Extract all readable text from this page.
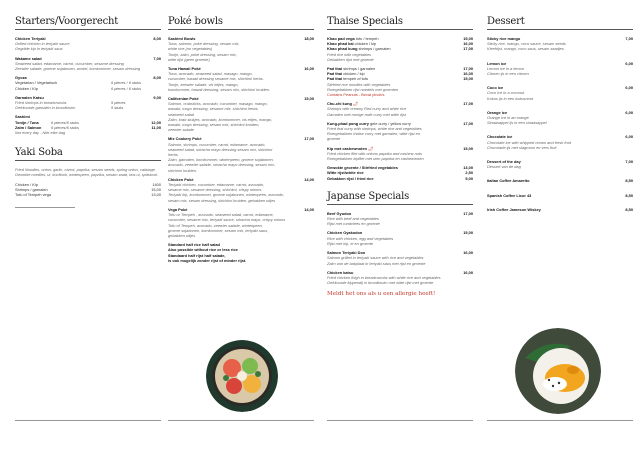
Starters/Voorgerecht
Chicken Teriyaki	8,00
Grilled chicken in teriyaki sauce
Gegrilde kip in teriyaki saus
Wakame salad	7,00
Seaweed salad, edamame, carrot, cucumber, sesame dressing
Zeewier salade, groene sojabonen, wortel, komkommer, sesam dressing
Gyoza	8,00
Vegetarian / Vegetarisch	6 pieces / 6 stuks
Chicken / Kip	6 pieces / 6 stuks
Garnalen Katsu	9,00
Fried shrimps in breadcrumbs	5 pieces
Gefrituurde garnalen in broodkruim	5 stuks
Sashimi
Tonijn / Tuna	6 pieces/6 stuks	12,00
Zalm / Salmon	6 pieces/6 stuks	11,00
Not every day - Niet elke dag
Yaki Soba
Fried Noodles, onion, garlic, carrot, paprika, sesam seeds, spring onion, cabbage.
Gewokte noedles, ui, knoflook, wintenpeen, paprika, sesam zaad, bos ui, spitskool.
Chicken / Kip	1400
Shrimps / garnalen	15,00
Tofu of Tempeh vega	13,00
Poké bowls
Sashimi Bowls	18,00
Tuna, salmon, poké dressing, sesam mix,
white rice (no vegetables)
Tonijn, zalm, poké dressing, sesam mix,
witte rijst (geen groente)
Tuna Hawaii Poké	16,00
Tuna, avocado, seaweed salad, masago, mango,
cucumber, hawaii dressing sesame mix, shichimi herbs.
Tonijn, zeewier salade, vis eitjes, mango,
komkommer, hawaii dressing, sesam mix, shichimi kruiden.
Californian Poké	15,00
Salmon, crabsticks, avocado, cucumber, masago, mango,
wasabi, mayo dressing, sesame mix, shichimi herbs,
seaweed salad
Zalm, krab stukjes, avocado, komkommer, vis eitjes, mango,
wasabi, mayo dressing, sesam mix, shichimi kruiden,
zeewier salade
Mix Cookery Poké	17,00
Salmon, shrimps, cucumber, carrot, edamame, avocado,
seaweed salad, sriracha mayo dressing sesam mix, shichimi
herbs.
Zalm, garnalen, komkommer, wintenpeen, groene sojabonen,
avocado, zeewier salade, sriracha mayo dressing, sesam mix,
shichimi kruiden.
Chicken Poké	14,00
Teriyaki chicken, cucumber, edamame, carrot, avocado,
sesame mix, sesame dressing, shichimi, crispy onions
Teriyaki kip, komkommer, groene sojabonen, wintenpeen, avocado,
sesam mix, sesam dressing, shichimi kruiden, gebakken uitjes
Vega Poké	14,00
Tofu or Tempeh , avocado, seaweed salad, carrot, edamame,
cucumber, sesame mix, teriyaki sauce, sriracha mayo, crispy onions
Tofu of Tempeh, avocado, zeewier salade, wintenpeen,
groene sojabonen, komkommer, sesam mix, teriyaki saus,
gebakken uitjes
Standard half rice half salad
Also possible without rice or less rice
Standaard half rijst half salade,
is ook mogelijk zonder rijst of minder rijst.
Thaise Specials
Khao pad vega tofu / tempeh	15,00
Khao phad kai chicken / kip	16,00
Khao phad kung shrimps / garnalen	17,00
Fried rice with vegetables
Gebakken rijst met groente
Pad thai shrimps / garnalen	17,00
Pad thai chicken / kip	16,00
Pad thai tempeh of tofu	15,00
Stirfried rice noodles with vegetables
Roergebakken rijst noedels met groenten
Contains Peanuts - Bevat pinda's
Chu-chi kung 🌶	17,00
Shrimps with creamy Red curry and white rice
Garnalen met romige rode curry met witte rijst
Kung-phad pong curry gele curry / yellow curry	17,00
Fried thai curry with shrimps, white rice and vegetables
Roergebakken thaise curry met garnalen, witte rijst en
groente
Kip met cashewnoten 🌶	15,00
Fried chicken filet with onions paprika and cashew nuts
Roergebakken kipfilet met uien paprika en cashewnoten
Gewokte groente / Stirfried vegetables	13,00
Witte rijst/white rice	2,50
Gebakken rijst / fried rice	5,00
Japanse Specials
Beef Gyudon	17,00
Rice with beef and vegetables
Rijst met rundvlees en groente
Chicken Oyakodon	15,00
Rice with chicken, egg and vegetables
Rijst met kip, ei en groente
Salmon Teriyaki Don	16,00
Salmon grilled in teriyaki sauce with rice and vegetables
Zalm van de bakplaat in teriyaki saus met rijst en groente
Chicken katsu	16,00
Fried chicken thigh in breadcrumbs with white rice and vegetables
Gefrituurde kippendij in broodkruim met witte rijst met groente
Meldt het ons als u een allergie heeft!
Dessert
Sticky rice mango	7,00
Sticky rice, mango, coco sauce, sesam seeds
Kleefrijst, mango, coco saus, sesam zaadjes
Lemon ice	6,00
Lemon ice in a lemon
Citroen ijs in een citroen
Coco ice	6,00
Coco ice in a coconut
Kokos ijs in een kokosnoot
Orange ice	6,00
Orange ice in an orange
Sinaasappel ijs in een sinaasappel
Chocolate ice	6,00
Chocolate ice with whipped cream and fresh fruit
Chocolade ijs met slagroom en vers fruit
Dessert of the day	7,00
Dessert van de dag
Italian Coffee Amaretto	8,50
Spanish Coffee Licor 43	8,50
Irish Coffee Jameson Wiskey	8,50
